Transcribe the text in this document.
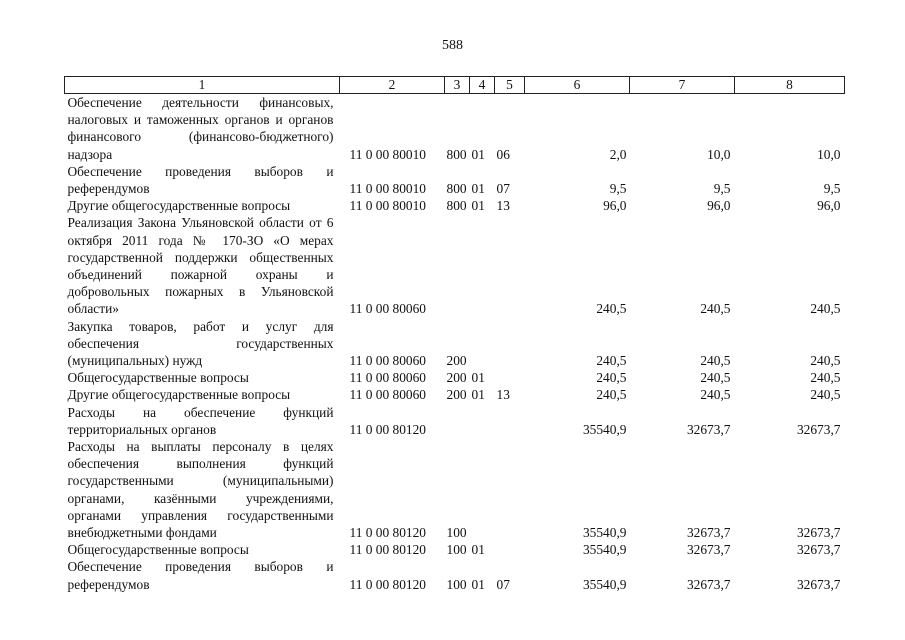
588
1	2	3	4	5	6	7	8
Обеспечение деятельности финансовых, налоговых и таможенных органов и органов финансового (финансово-бюджетного) надзора	11 0 00 80010	800	01	06	2,0	10,0	10,0
Обеспечение проведения выборов и референдумов	11 0 00 80010	800	01	07	9,5	9,5	9,5
Другие общегосударственные вопросы	11 0 00 80010	800	01	13	96,0	96,0	96,0
Реализация Закона Ульяновской области от 6 октября 2011 года № 170-ЗО «О мерах государственной поддержки общественных объединений пожарной охраны и добровольных пожарных в Ульяновской области»	11 0 00 80060				240,5	240,5	240,5
Закупка товаров, работ и услуг для обеспечения государственных (муниципальных) нужд	11 0 00 80060	200			240,5	240,5	240,5
Общегосударственные вопросы	11 0 00 80060	200	01		240,5	240,5	240,5
Другие общегосударственные вопросы	11 0 00 80060	200	01	13	240,5	240,5	240,5
Расходы на обеспечение функций территориальных органов	11 0 00 80120				35540,9	32673,7	32673,7
Расходы на выплаты персоналу в целях обеспечения выполнения функций государственными (муниципальными) органами, казёнными учреждениями, органами управления государственными внебюджетными фондами	11 0 00 80120	100			35540,9	32673,7	32673,7
Общегосударственные вопросы	11 0 00 80120	100	01		35540,9	32673,7	32673,7
Обеспечение проведения выборов и референдумов	11 0 00 80120	100	01	07	35540,9	32673,7	32673,7
